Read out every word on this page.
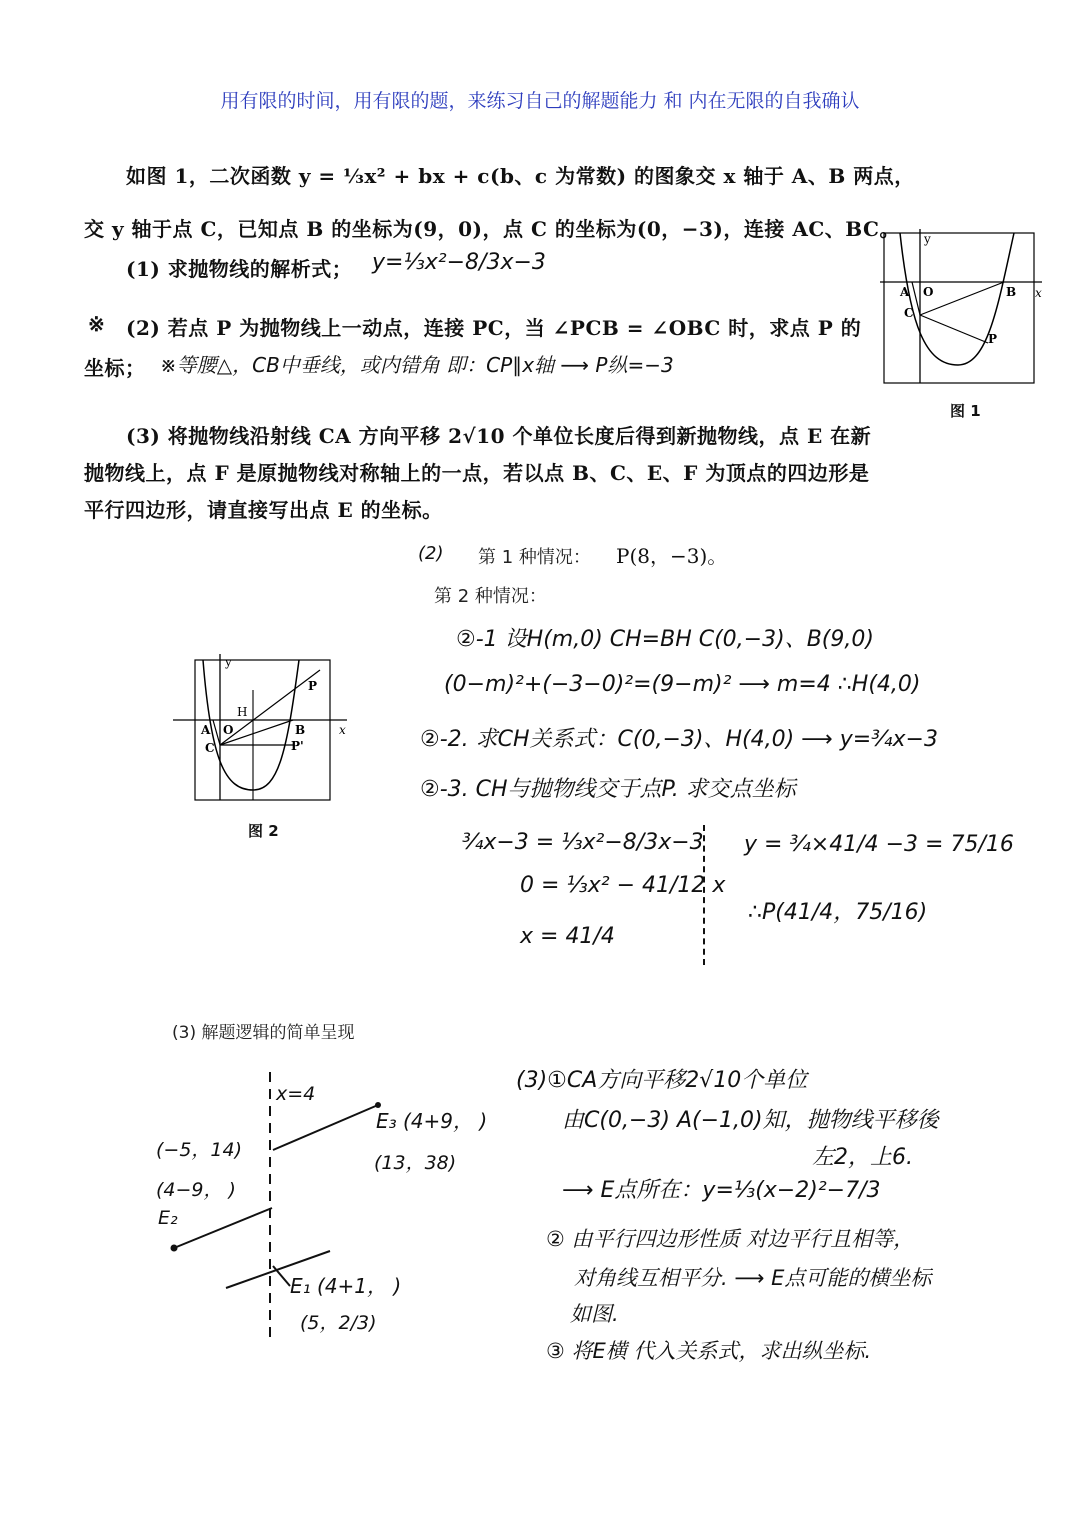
用有限的时间，用有限的题，来练习自己的解题能力 和 内在无限的自我确认
如图 1，二次函数 y = ⅓x² + bx + c(b、c 为常数) 的图象交 x 轴于 A、B 两点，
交 y 轴于点 C，已知点 B 的坐标为(9，0)，点 C 的坐标为(0，−3)，连接 AC、BC。
(1) 求抛物线的解析式； y=⅓x²−8/3x−3
※ (2) 若点 P 为抛物线上一动点，连接 PC，当 ∠PCB = ∠OBC 时，求点 P 的
坐标； ※等腰△，CB中垂线，或内错角 即：CP∥x轴 ⟶ P纵=−3
(3) 将抛物线沿射线 CA 方向平移 2√10 个单位长度后得到新抛物线，点 E 在新
抛物线上，点 F 是原抛物线对称轴上的一点，若以点 B、C、E、F 为顶点的四边形是
平行四边形，请直接写出点 E 的坐标。
y
x
A O	B
C
P
图 1
(2) 第 1 种情况： P(8，−3)。
第 2 种情况：
②-1 设H(m,0) CH=BH C(0,−3)、B(9,0)
(0−m)²+(−3−0)²=(9−m)² ⟶ m=4 ∴H(4,0)
②-2. 求CH关系式：C(0,−3)、H(4,0) ⟶ y=¾x−3
②-3. CH与抛物线交于点P. 求交点坐标
¾x−3 = ⅓x²−8/3x−3
0 = ⅓x² − 41/12 x
x = 41/4
y = ¾×41/4 −3 = 75/16
∴P(41/4，75/16)
y
x
H
A O	B
C
P
P'
图 2
(3) 解题逻辑的简单呈现
x=4
E₃ (4+9， )
(13，38)
(−5，14)
(4−9， )
E₂
E₁ (4+1， )
(5，2/3)
(3)①CA方向平移2√10个单位
由C(0,−3) A(−1,0)知，抛物线平移後
左2，上6.
⟶ E点所在：y=⅓(x−2)²−7/3
② 由平行四边形性质 对边平行且相等，
对角线互相平分. ⟶ E点可能的横坐标
如图.
③ 将E横 代入关系式，求出纵坐标.
